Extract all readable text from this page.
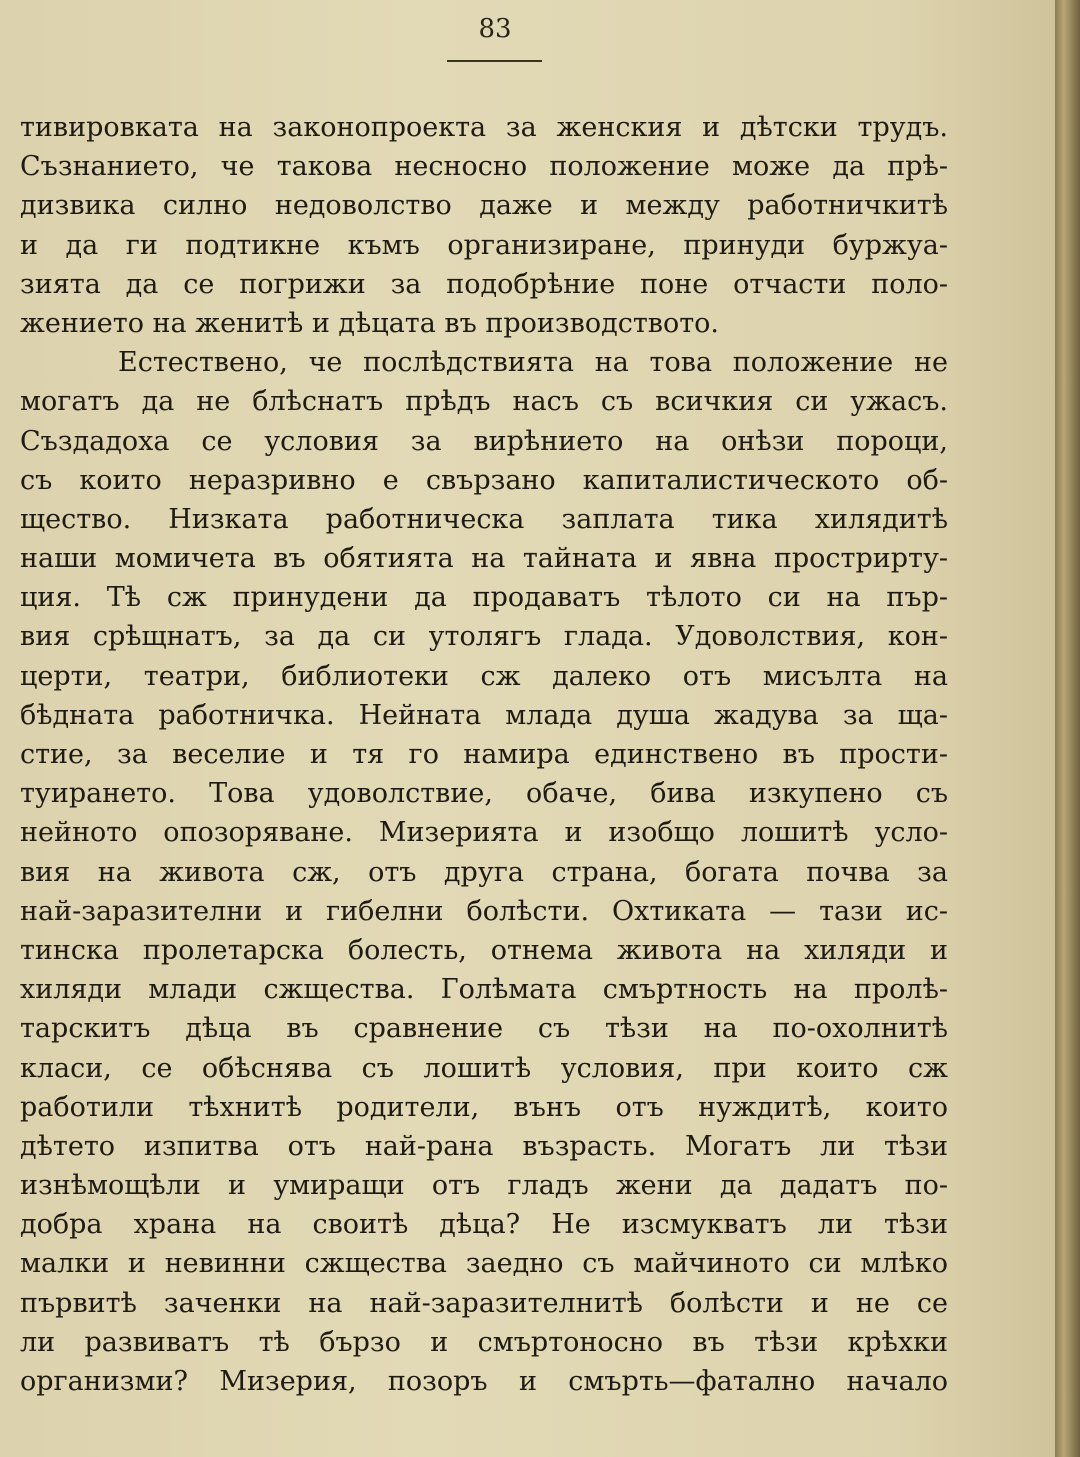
83
тивировката на законопроекта за женския и дѣтски трудъ.
Съзнанието, че такова несносно положение може да прѣ-
дизвика силно недоволство даже и между работничкитѣ
и да ги подтикне къмъ организиране, принуди буржуа-
зията да се погрижи за подобрѣние поне отчасти поло-
жението на женитѣ и дѣцата въ производството.
Естествено, че послѣдствията на това положение не
могатъ да не блѣснатъ прѣдъ насъ съ всичкия си ужасъ.
Създадоха се условия за вирѣнието на онѣзи пороци,
съ които неразривно е свързано капиталистическото об-
щество. Низката работническа заплата тика хилядитѣ
наши момичета въ обятията на тайната и явна прострирту-
ция. Тѣ сж принудени да продаватъ тѣлото си на пър-
вия срѣщнатъ, за да си утолягъ глада. Удоволствия, кон-
церти, театри, библиотеки сж далеко отъ мисълта на
бѣдната работничка. Нейната млада душа жадува за ща-
стие, за веселие и тя го намира единствено въ прости-
туирането. Това удоволствие, обаче, бива изкупено съ
нейното опозоряване. Мизерията и изобщо лошитѣ усло-
вия на живота сж, отъ друга страна, богата почва за
най-заразителни и гибелни болѣсти. Охтиката — тази ис-
тинска пролетарска болесть, отнема живота на хиляди и
хиляди млади сжщества. Голѣмата смъртность на пролѣ-
тарскитъ дѣца въ сравнение съ тѣзи на по-охолнитѣ
класи, се обѣснява съ лошитѣ условия, при които сж
работили тѣхнитѣ родители, вънъ отъ нуждитѣ, които
дѣтето изпитва отъ най-рана възрасть. Могатъ ли тѣзи
изнѣмощѣли и умиращи отъ гладъ жени да дадатъ по-
добра храна на своитѣ дѣца? Не изсмукватъ ли тѣзи
малки и невинни сжщества заедно съ майчиното си млѣко
първитѣ заченки на най-заразителнитѣ болѣсти и не се
ли развиватъ тѣ бързо и смъртоносно въ тѣзи крѣхки
организми? Мизерия, позоръ и смърть—фатално начало
